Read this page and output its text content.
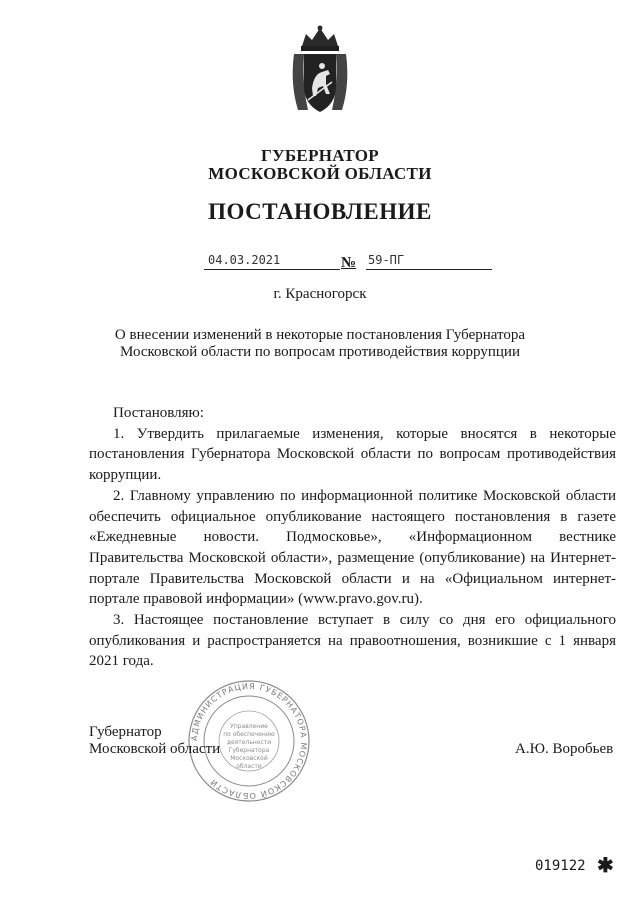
ГУБЕРНАТОР
МОСКОВСКОЙ ОБЛАСТИ
ПОСТАНОВЛЕНИЕ
04.03.2021	№ 59-ПГ
г. Красногорск
О внесении изменений в некоторые постановления Губернатора
Московской области по вопросам противодействия коррупции

Постановляю:

1. Утвердить прилагаемые изменения, которые вносятся в некоторые постановления Губернатора Московской области по вопросам противодействия коррупции.

2. Главному управлению по информационной политике Московской области обеспечить официальное опубликование настоящего постановления в газете «Ежедневные новости. Подмосковье», «Информационном вестнике Правительства Московской области», размещение (опубликование) на Интернет-портале Правительства Московской области и на «Официальном интернет-портале правовой информации» (www.pravo.gov.ru).

3. Настоящее постановление вступает в силу со дня его официального опубликования и распространяется на правоотношения, возникшие с 1 января 2021 года.

АДМИНИСТРАЦИЯ ГУБЕРНАТОРА МОСКОВСКОЙ ОБЛАСТИ
Управление
по обеспечению
деятельности
Губернатора
Московской
области
Губернатор
Московской области	А.Ю. Воробьев
019122 ✱
